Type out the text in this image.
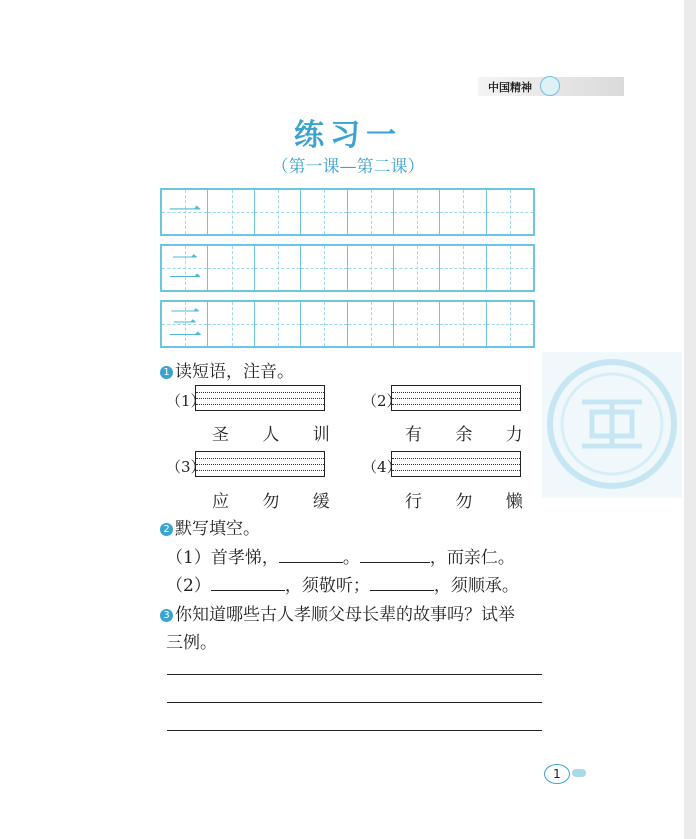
中国精神
练习一
（第一课—第二课）
一
二
三
1 读短语，注音。
（1）
圣 人 训
（2）
有 余 力
（3）
应 勿 缓
（4）
行 勿 懒
2 默写填空。
（1）首孝悌，	。	，而亲仁。
（2）	，须敬听；	，须顺承。
3 你知道哪些古人孝顺父母长辈的故事吗？试举
三例。
1
